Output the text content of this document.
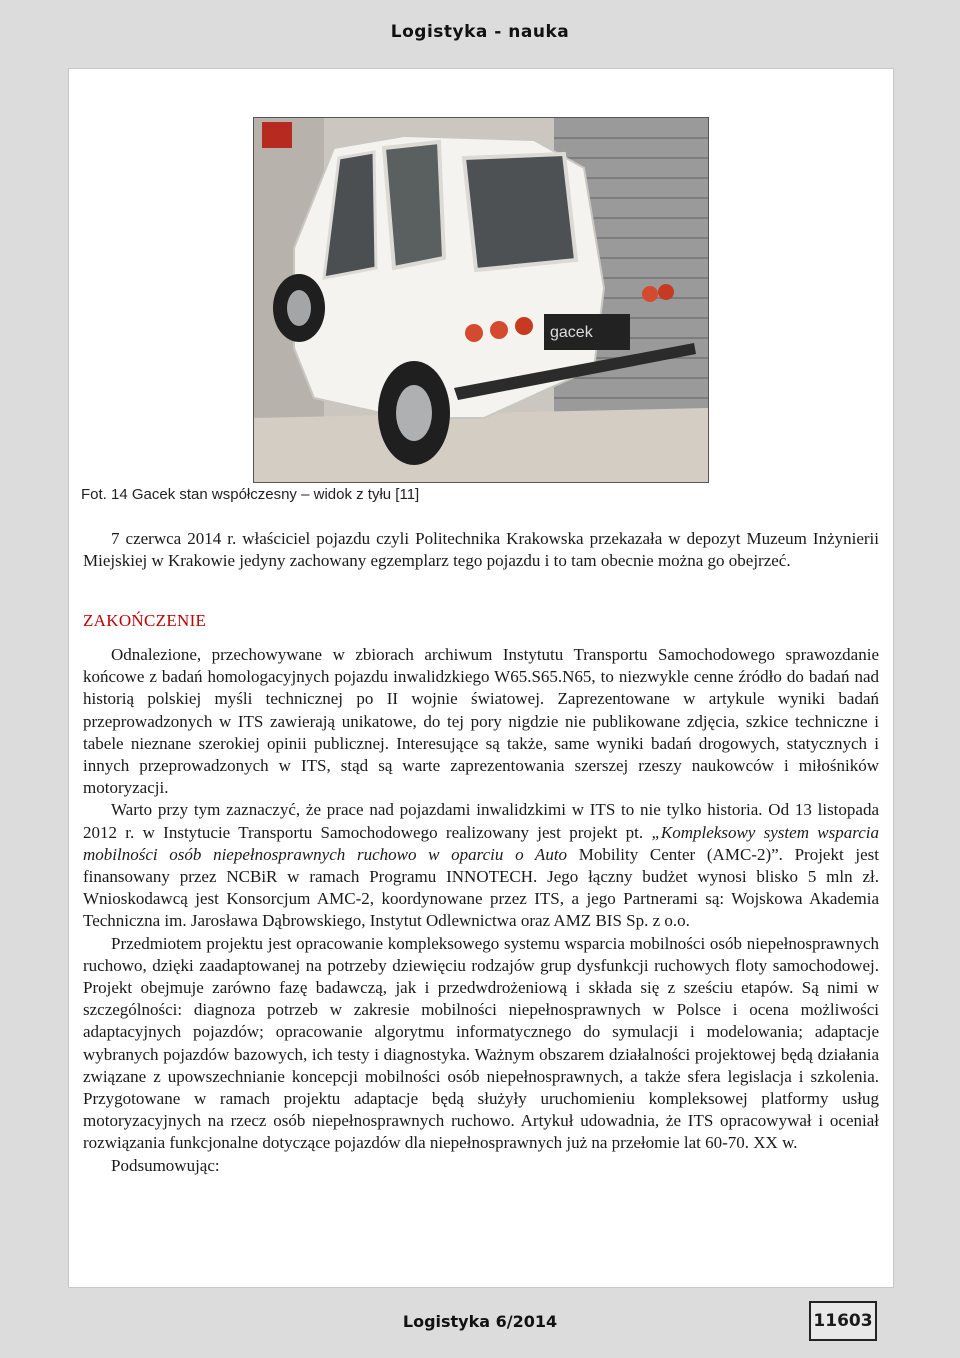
Logistyka - nauka
gacek
Fot. 14 Gacek stan współczesny – widok z tyłu [11]

7 czerwca 2014 r. właściciel pojazdu czyli Politechnika Krakowska przekazała w depozyt Muzeum Inżynierii Miejskiej w Krakowie jedyny zachowany egzemplarz tego pojazdu i to tam obecnie można go obejrzeć.

ZAKOŃCZENIE

Odnalezione, przechowywane w zbiorach archiwum Instytutu Transportu Samochodowego sprawozdanie końcowe z badań homologacyjnych pojazdu inwalidzkiego W65.S65.N65, to niezwykle cenne źródło do badań nad historią polskiej myśli technicznej po II wojnie światowej. Zaprezentowane w artykule wyniki badań przeprowadzonych w ITS zawierają unikatowe, do tej pory nigdzie nie publikowane zdjęcia, szkice techniczne i tabele nieznane szerokiej opinii publicznej. Interesujące są także, same wyniki badań drogowych, statycznych i innych przeprowadzonych w ITS, stąd są warte zaprezentowania szerszej rzeszy naukowców i miłośników motoryzacji.

Warto przy tym zaznaczyć, że prace nad pojazdami inwalidzkimi w ITS to nie tylko historia. Od 13 listopada 2012 r. w Instytucie Transportu Samochodowego realizowany jest projekt pt. „Kompleksowy system wsparcia mobilności osób niepełnosprawnych ruchowo w oparciu o Auto Mobility Center (AMC-2)”. Projekt jest finansowany przez NCBiR w ramach Programu INNOTECH. Jego łączny budżet wynosi blisko 5 mln zł. Wnioskodawcą jest Konsorcjum AMC-2, koordynowane przez ITS, a jego Partnerami są: Wojskowa Akademia Techniczna im. Jarosława Dąbrowskiego, Instytut Odlewnictwa oraz AMZ BIS Sp. z o.o.

Przedmiotem projektu jest opracowanie kompleksowego systemu wsparcia mobilności osób niepełnosprawnych ruchowo, dzięki zaadaptowanej na potrzeby dziewięciu rodzajów grup dysfunkcji ruchowych floty samochodowej. Projekt obejmuje zarówno fazę badawczą, jak i przedwdrożeniową i składa się z sześciu etapów. Są nimi w szczególności: diagnoza potrzeb w zakresie mobilności niepełnosprawnych w Polsce i ocena możliwości adaptacyjnych pojazdów; opracowanie algorytmu informatycznego do symulacji i modelowania; adaptacje wybranych pojazdów bazowych, ich testy i diagnostyka. Ważnym obszarem działalności projektowej będą działania związane z upowszechnianie koncepcji mobilności osób niepełnosprawnych, a także sfera legislacja i szkolenia. Przygotowane w ramach projektu adaptacje będą służyły uruchomieniu kompleksowej platformy usług motoryzacyjnych na rzecz osób niepełnosprawnych ruchowo. Artykuł udowadnia, że ITS opracowywał i oceniał rozwiązania funkcjonalne dotyczące pojazdów dla niepełnosprawnych już na przełomie lat 60-70. XX w.

Podsumowując:

Logistyka 6/2014	11603
